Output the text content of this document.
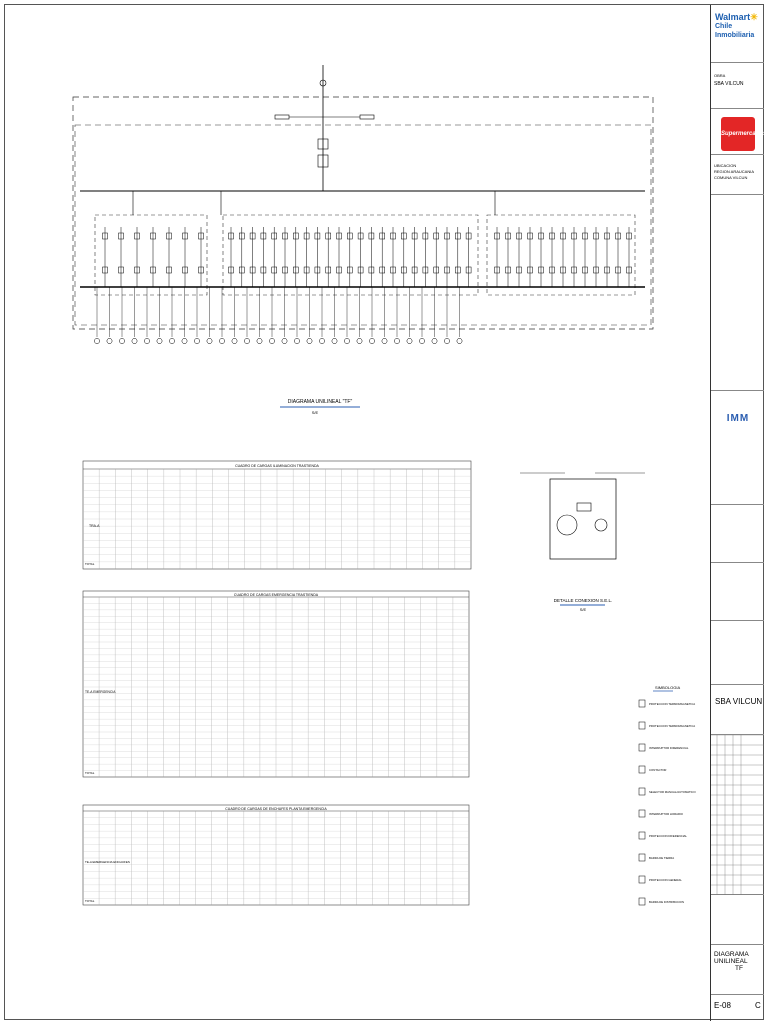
DIAGRAMA UNILINEAL "TF"
S/E
CUADRO DE CARGAS ILUMINACION TRASTIENDA
TRA-A
TOTAL
DETALLE CONEXION S.E.L.
S/E
CUADRO DE CARGAS EMERGENCIA TRASTIENDA
TE-A EMERGENCIA
TOTAL
CUADRO DE CARGAS DE ENCHUFES PLANTA EMERGENCIA
TE-A EMERGENCIA ENCHUFES
TOTAL
SIMBOLOGIA
PROTECCION TERMOMAGNETICA
PROTECCION TERMOMAGNETICA
INTERRUPTOR DIFERENCIAL
CONTACTOR
SELECTOR MANUAL/AUTOMATICO
INTERRUPTOR HORARIO
PROTECCION DIFERENCIAL
BARRA DE TIERRA
PROTECCION GENERAL
BARRA DE DISTRIBUCION
Walmart✳
Chile
Inmobiliaria
OBRA
SBA VILCUN
Supermercados
UBICACION
REGION ARAUCANIA
COMUNA VILCUN
IMM
SBA VILCUN
DIAGRAMA UNILINEAL
TF
E-08	C
